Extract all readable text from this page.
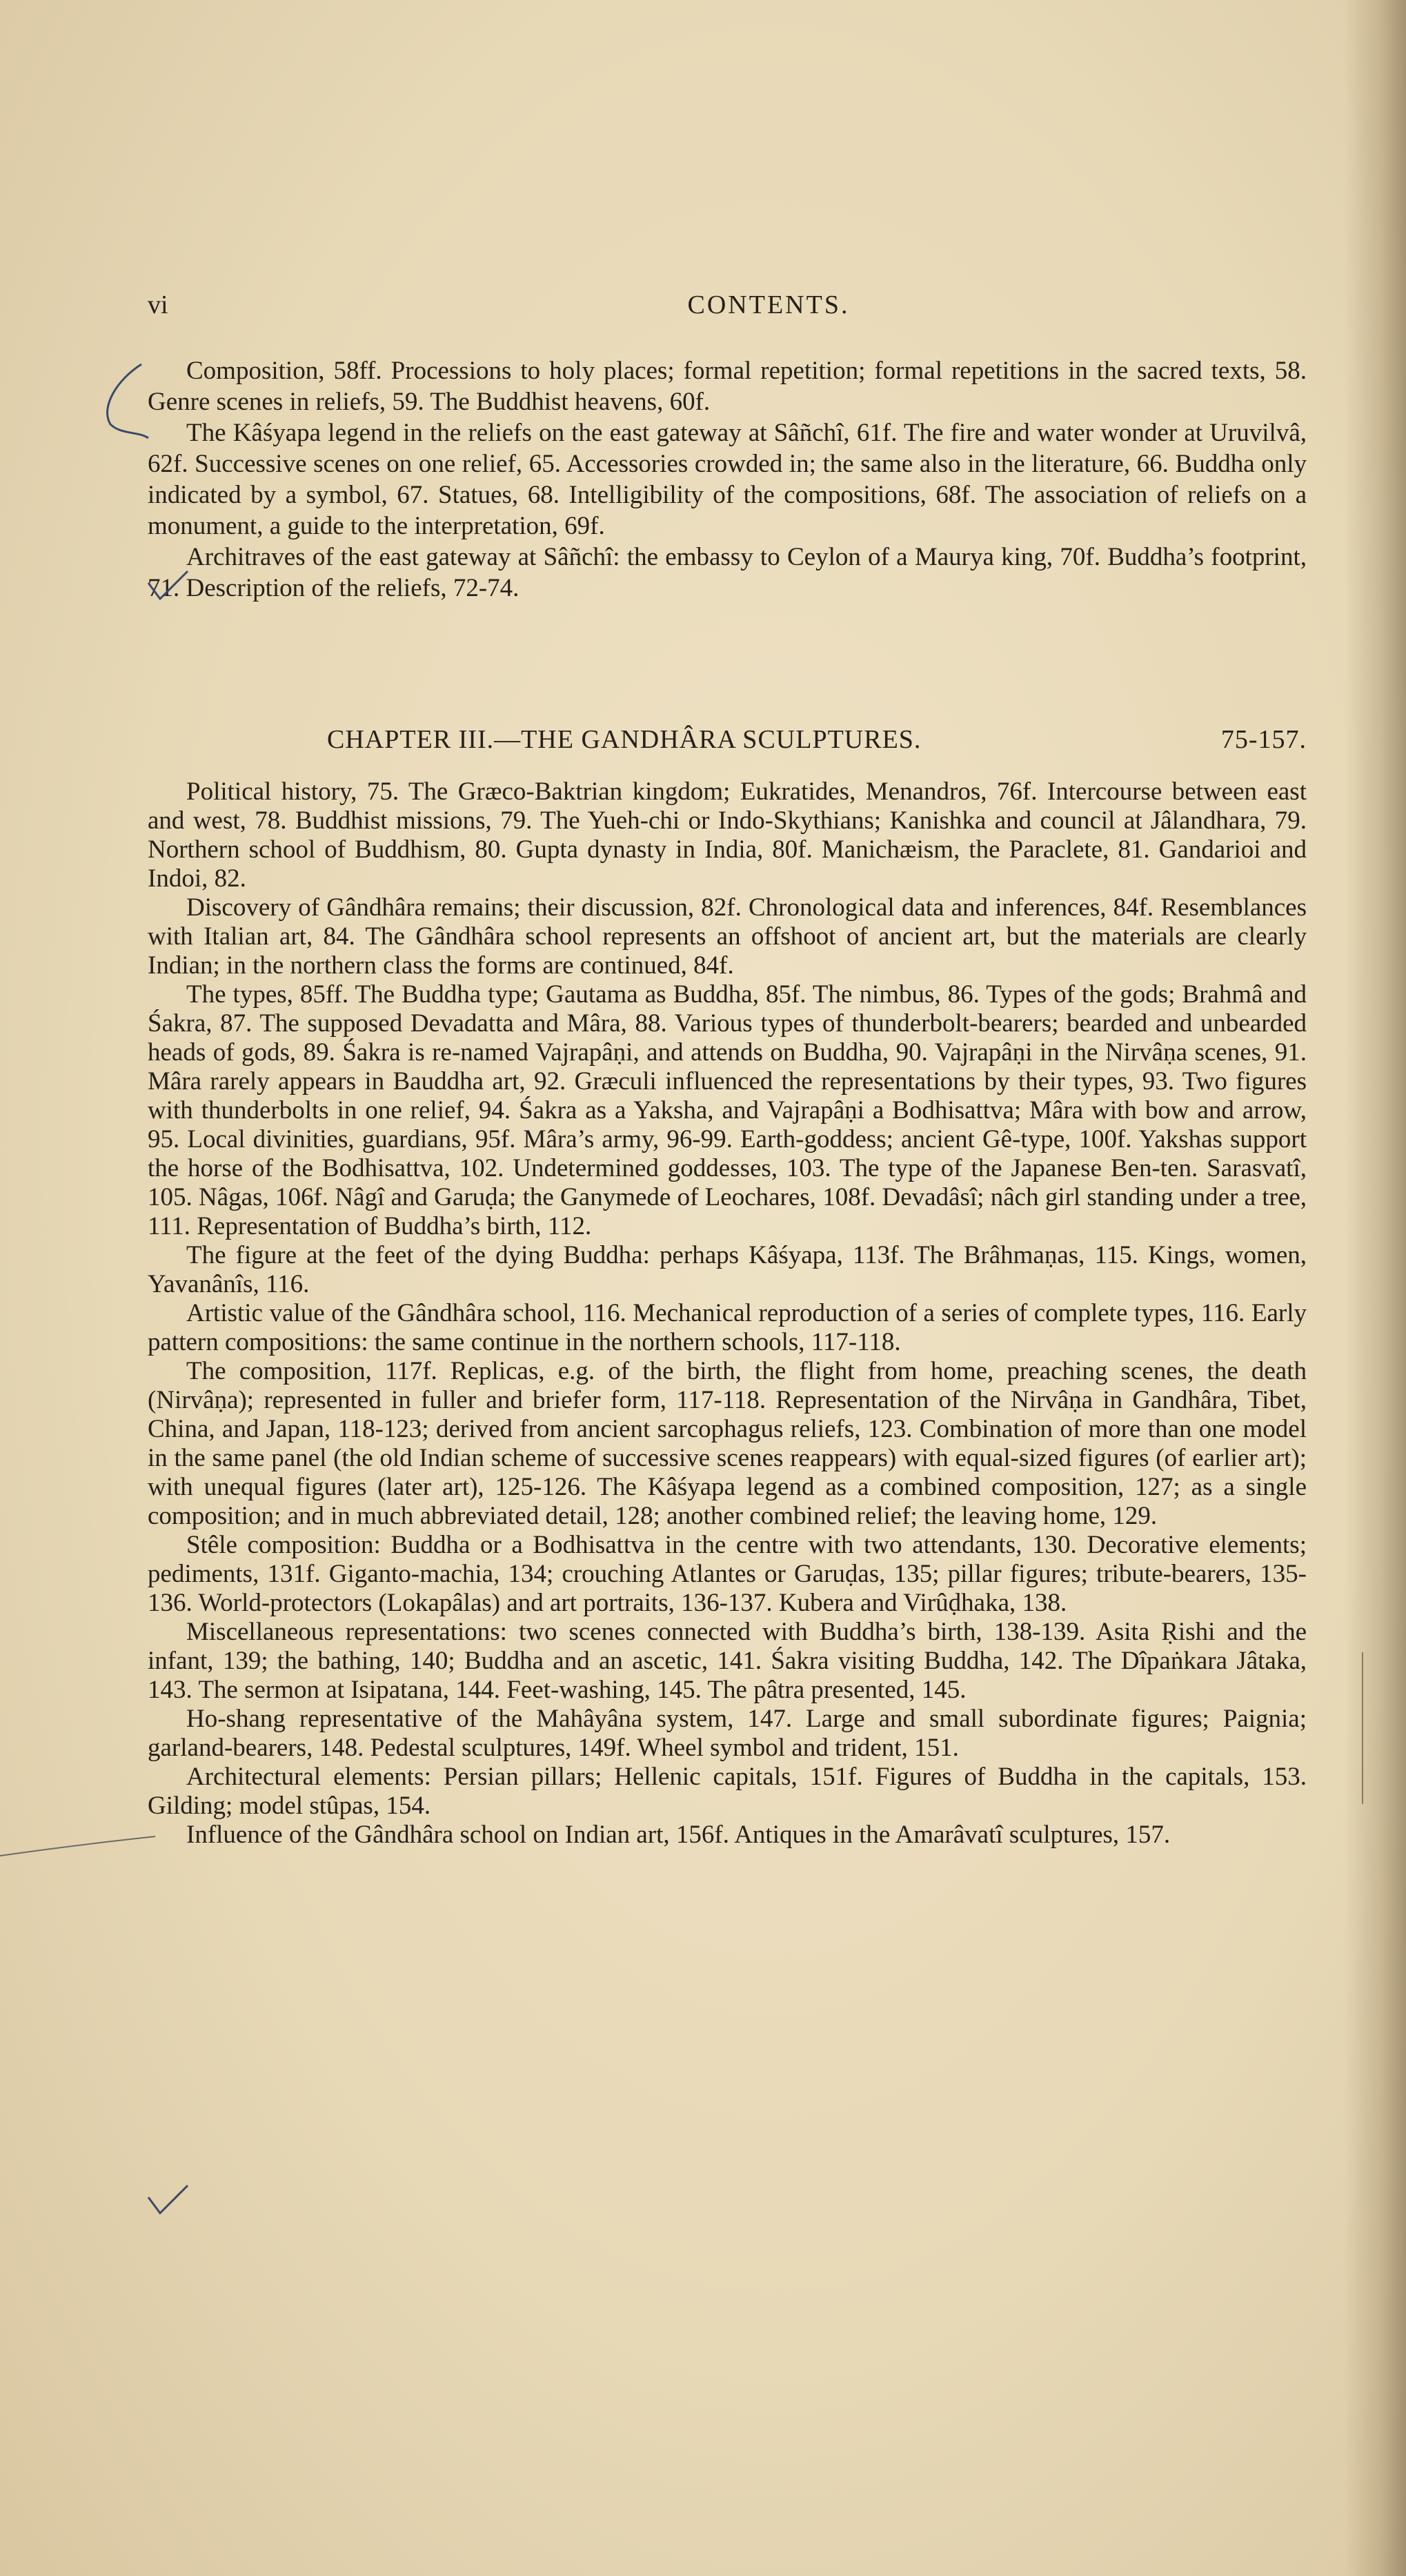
vi	CONTENTS.

Composition, 58ff. Processions to holy places; formal repetition; formal repetitions in the sacred texts, 58. Genre scenes in reliefs, 59. The Buddhist heavens, 60f.

The Kâśyapa legend in the reliefs on the east gateway at Sâñchî, 61f. The fire and water wonder at Uruvilvâ, 62f. Successive scenes on one relief, 65. Accessories crowded in; the same also in the literature, 66. Buddha only indicated by a symbol, 67. Statues, 68. Intelligibility of the compositions, 68f. The association of reliefs on a monument, a guide to the interpretation, 69f.

Architraves of the east gateway at Sâñchî: the embassy to Ceylon of a Maurya king, 70f. Buddha’s footprint, 71. Description of the reliefs, 72-74.

CHAPTER III.—THE GANDHÂRA SCULPTURES.	75-157.

Political history, 75. The Græco-Baktrian kingdom; Eukratides, Menandros, 76f. Intercourse between east and west, 78. Buddhist missions, 79. The Yueh-chi or Indo-Skythians; Kanishka and council at Jâlandhara, 79. Northern school of Buddhism, 80. Gupta dynasty in India, 80f. Manichæism, the Paraclete, 81. Gandarioi and Indoi, 82.

Discovery of Gândhâra remains; their discussion, 82f. Chronological data and inferences, 84f. Resemblances with Italian art, 84. The Gândhâra school represents an offshoot of ancient art, but the materials are clearly Indian; in the northern class the forms are continued, 84f.

The types, 85ff. The Buddha type; Gautama as Buddha, 85f. The nimbus, 86. Types of the gods; Brahmâ and Śakra, 87. The supposed Devadatta and Mâra, 88. Various types of thunderbolt-bearers; bearded and unbearded heads of gods, 89. Śakra is re-named Vajrapâṇi, and attends on Buddha, 90. Vajrapâṇi in the Nirvâṇa scenes, 91. Mâra rarely appears in Bauddha art, 92. Græculi influenced the representations by their types, 93. Two figures with thunderbolts in one relief, 94. Śakra as a Yaksha, and Vajrapâṇi a Bodhisattva; Mâra with bow and arrow, 95. Local divinities, guardians, 95f. Mâra’s army, 96-99. Earth-goddess; ancient Gê-type, 100f. Yakshas support the horse of the Bodhisattva, 102. Undetermined goddesses, 103. The type of the Japanese Ben-ten. Sarasvatî, 105. Nâgas, 106f. Nâgî and Garuḍa; the Ganymede of Leochares, 108f. Devadâsî; nâch girl standing under a tree, 111. Representation of Buddha’s birth, 112.

The figure at the feet of the dying Buddha: perhaps Kâśyapa, 113f. The Brâhmaṇas, 115. Kings, women, Yavanânîs, 116.

Artistic value of the Gândhâra school, 116. Mechanical reproduction of a series of complete types, 116. Early pattern compositions: the same continue in the northern schools, 117-118.

The composition, 117f. Replicas, e.g. of the birth, the flight from home, preaching scenes, the death (Nirvâṇa); represented in fuller and briefer form, 117-118. Representation of the Nirvâṇa in Gandhâra, Tibet, China, and Japan, 118-123; derived from ancient sarcophagus reliefs, 123. Combination of more than one model in the same panel (the old Indian scheme of successive scenes reappears) with equal-sized figures (of earlier art); with unequal figures (later art), 125-126. The Kâśyapa legend as a combined composition, 127; as a single composition; and in much abbreviated detail, 128; another combined relief; the leaving home, 129.

Stêle composition: Buddha or a Bodhisattva in the centre with two attendants, 130. Decorative elements; pediments, 131f. Giganto-machia, 134; crouching Atlantes or Garuḍas, 135; pillar figures; tribute-bearers, 135-136. World-protectors (Lokapâlas) and art portraits, 136-137. Kubera and Virûḍhaka, 138.

Miscellaneous representations: two scenes connected with Buddha’s birth, 138-139. Asita Ṛishi and the infant, 139; the bathing, 140; Buddha and an ascetic, 141. Śakra visiting Buddha, 142. The Dîpaṅkara Jâtaka, 143. The sermon at Isipatana, 144. Feet-washing, 145. The pâtra presented, 145.

Ho-shang representative of the Mahâyâna system, 147. Large and small subordinate figures; Paignia; garland-bearers, 148. Pedestal sculptures, 149f. Wheel symbol and trident, 151.

Architectural elements: Persian pillars; Hellenic capitals, 151f. Figures of Buddha in the capitals, 153. Gilding; model stûpas, 154.

Influence of the Gândhâra school on Indian art, 156f. Antiques in the Amarâvatî sculptures, 157.
